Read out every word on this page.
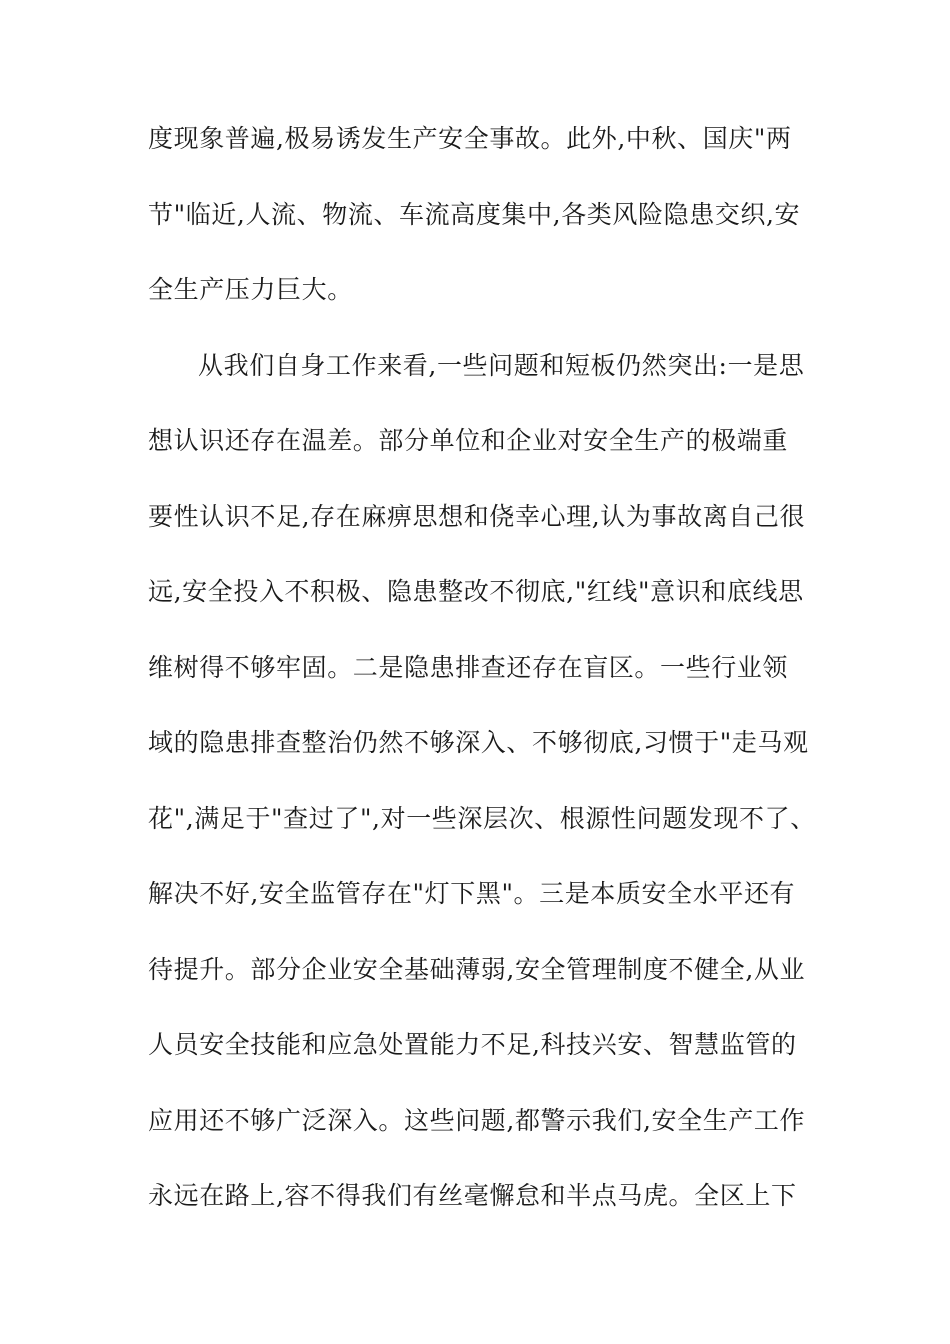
度现象普遍,极易诱发生产安全事故。此外,中秋、国庆"两
节"临近,人流、物流、车流高度集中,各类风险隐患交织,安
全生产压力巨大。
从我们自身工作来看,一些问题和短板仍然突出:一是思
想认识还存在温差。部分单位和企业对安全生产的极端重
要性认识不足,存在麻痹思想和侥幸心理,认为事故离自己很
远,安全投入不积极、隐患整改不彻底,"红线"意识和底线思
维树得不够牢固。二是隐患排查还存在盲区。一些行业领
域的隐患排查整治仍然不够深入、不够彻底,习惯于"走马观
花",满足于"查过了",对一些深层次、根源性问题发现不了、
解决不好,安全监管存在"灯下黑"。三是本质安全水平还有
待提升。部分企业安全基础薄弱,安全管理制度不健全,从业
人员安全技能和应急处置能力不足,科技兴安、智慧监管的
应用还不够广泛深入。这些问题,都警示我们,安全生产工作
永远在路上,容不得我们有丝毫懈怠和半点马虎。全区上下
